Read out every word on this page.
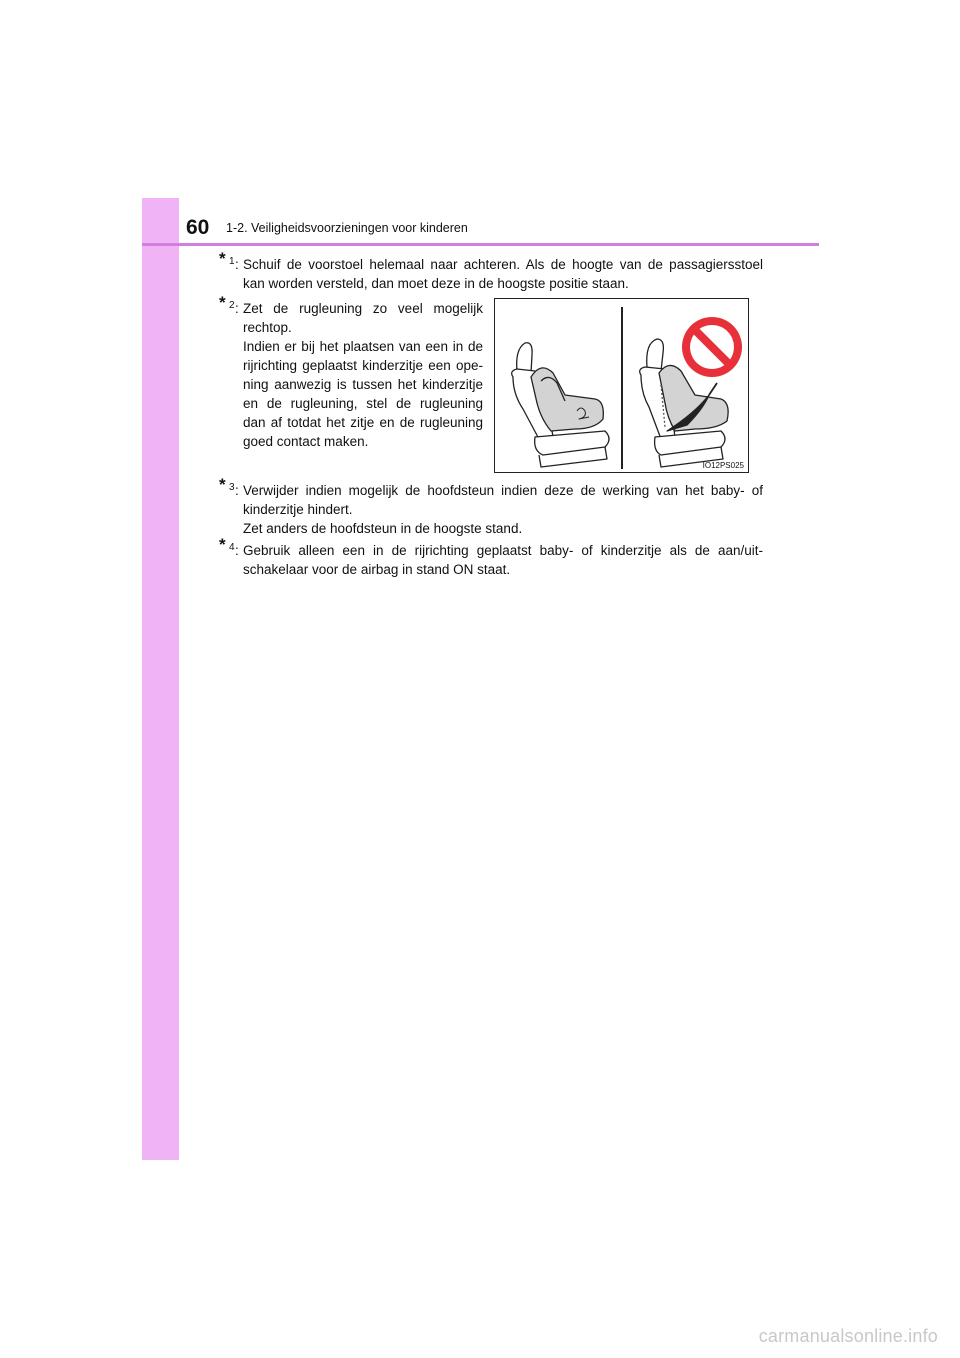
60 1-2. Veiligheidsvoorzieningen voor kinderen
* 1 : Schuif de voorstoel helemaal naar achteren. Als de hoogte van de passagiersstoel
kan worden versteld, dan moet deze in de hoogste positie staan.
* 2 : Zet de rugleuning zo veel mogelijk
rechtop.
Indien er bij het plaatsen van een in de
rijrichting geplaatst kinderzitje een ope-
ning aanwezig is tussen het kinderzitje
en de rugleuning, stel de rugleuning
dan af totdat het zitje en de rugleuning
goed contact maken.
IO12PS025
* 3 : Verwijder indien mogelijk de hoofdsteun indien deze de werking van het baby- of
kinderzitje hindert.
Zet anders de hoofdsteun in de hoogste stand.
* 4 : Gebruik alleen een in de rijrichting geplaatst baby- of kinderzitje als de aan/uit-
schakelaar voor de airbag in stand ON staat.
carmanualsonline.info
